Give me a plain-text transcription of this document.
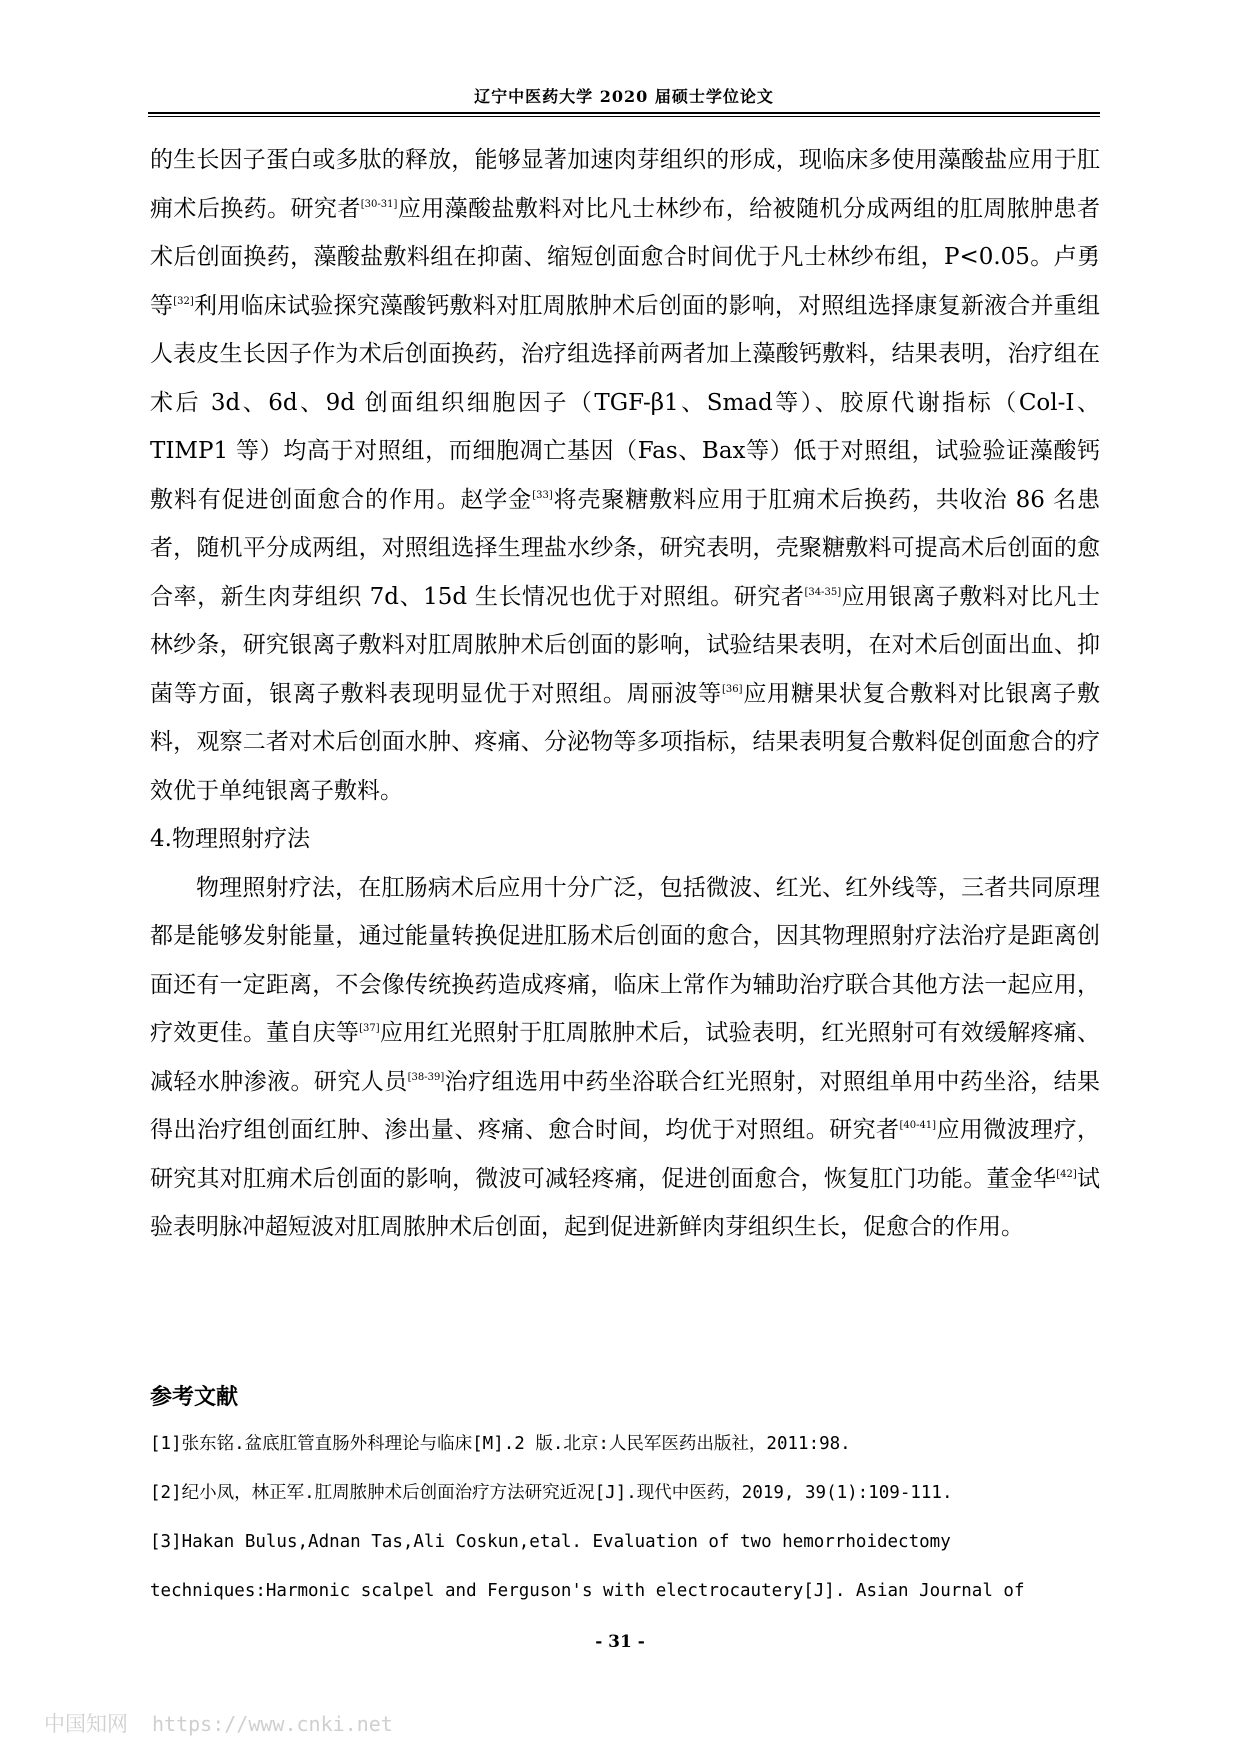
辽宁中医药大学 2020 届硕士学位论文

的生长因子蛋白或多肽的释放，能够显著加速肉芽组织的形成，现临床多使用藻酸盐应用于肛痈术后换药。研究者[30-31]应用藻酸盐敷料对比凡士林纱布，给被随机分成两组的肛周脓肿患者术后创面换药，藻酸盐敷料组在抑菌、缩短创面愈合时间优于凡士林纱布组，P<0.05。卢勇等[32]利用临床试验探究藻酸钙敷料对肛周脓肿术后创面的影响，对照组选择康复新液合并重组人表皮生长因子作为术后创面换药，治疗组选择前两者加上藻酸钙敷料，结果表明，治疗组在术后 3d、6d、9d 创面组织细胞因子（TGF-β1、Smad等）、胶原代谢指标（Col-I、TIMP1 等）均高于对照组，而细胞凋亡基因（Fas、Bax等）低于对照组，试验验证藻酸钙敷料有促进创面愈合的作用。赵学金[33]将壳聚糖敷料应用于肛痈术后换药，共收治 86 名患者，随机平分成两组，对照组选择生理盐水纱条，研究表明，壳聚糖敷料可提高术后创面的愈合率，新生肉芽组织 7d、15d 生长情况也优于对照组。研究者[34-35]应用银离子敷料对比凡士林纱条，研究银离子敷料对肛周脓肿术后创面的影响，试验结果表明，在对术后创面出血、抑菌等方面，银离子敷料表现明显优于对照组。周丽波等[36]应用糖果状复合敷料对比银离子敷料，观察二者对术后创面水肿、疼痛、分泌物等多项指标，结果表明复合敷料促创面愈合的疗效优于单纯银离子敷料。

4.物理照射疗法

物理照射疗法，在肛肠病术后应用十分广泛，包括微波、红光、红外线等，三者共同原理都是能够发射能量，通过能量转换促进肛肠术后创面的愈合，因其物理照射疗法治疗是距离创面还有一定距离，不会像传统换药造成疼痛，临床上常作为辅助治疗联合其他方法一起应用，疗效更佳。董自庆等[37]应用红光照射于肛周脓肿术后，试验表明，红光照射可有效缓解疼痛、减轻水肿渗液。研究人员[38-39]治疗组选用中药坐浴联合红光照射，对照组单用中药坐浴，结果得出治疗组创面红肿、渗出量、疼痛、愈合时间，均优于对照组。研究者[40-41]应用微波理疗，研究其对肛痈术后创面的影响，微波可减轻疼痛，促进创面愈合，恢复肛门功能。董金华[42]试验表明脉冲超短波对肛周脓肿术后创面，起到促进新鲜肉芽组织生长，促愈合的作用。

参考文献
[1]张东铭.盆底肛管直肠外科理论与临床[M].2 版.北京:人民军医药出版社，2011:98.
[2]纪小凤，林正军.肛周脓肿术后创面治疗方法研究近况[J].现代中医药，2019, 39(1):109-111.
[3]Hakan Bulus,Adnan Tas,Ali Coskun,etal. Evaluation of two hemorrhoidectomy
techniques:Harmonic scalpel and Ferguson's with electrocautery[J]. Asian Journal of
- 31 -
中国知网 https://www.cnki.net
